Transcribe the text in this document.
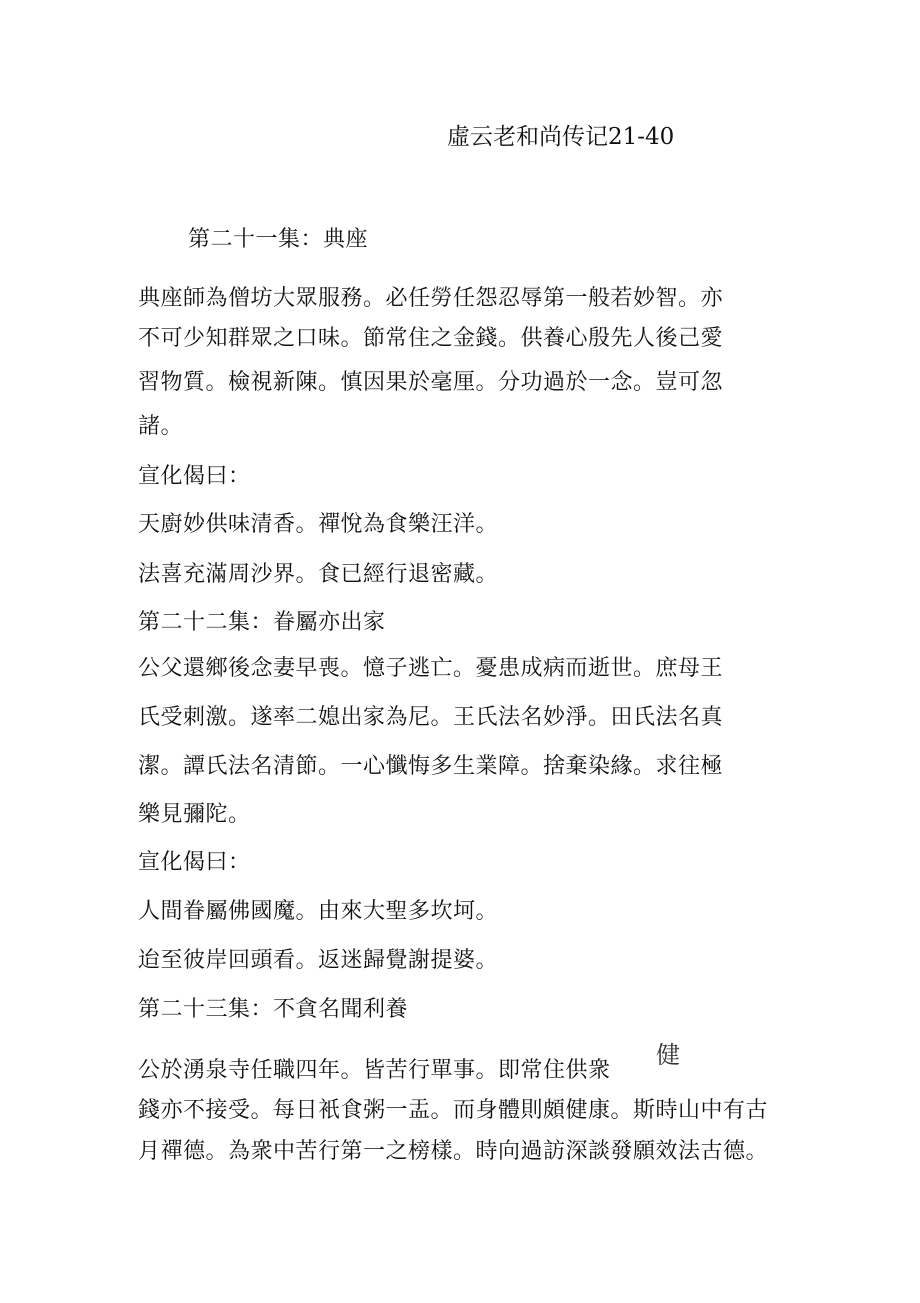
虛云老和尚传记21-40
第二十一集：典座
典座師為僧坊大眾服務。必任勞任怨忍辱第一般若妙智。亦
不可少知群眾之口味。節常住之金錢。供養心殷先人後己愛
習物質。檢視新陳。慎因果於毫厘。分功過於一念。豈可忽
諸。
宣化偈曰：
天廚妙供味清香。禪悅為食樂汪洋。
法喜充滿周沙界。食已經行退密藏。
第二十二集：眷屬亦出家
公父還鄉後念妻早喪。憶子逃亡。憂患成病而逝世。庶母王
氏受刺激。遂率二媳出家為尼。王氏法名妙淨。田氏法名真
潔。譚氏法名清節。一心懺悔多生業障。捨棄染緣。求往極
樂見彌陀。
宣化偈曰：
人間眷屬佛國魔。由來大聖多坎坷。
迨至彼岸回頭看。返迷歸覺謝提婆。
第二十三集：不貪名聞利養
公於湧泉寺任職四年。皆苦行單事。即常住供衆
健
錢亦不接受。每日衹食粥一盂。而身體則頗健康。斯時山中有古
月禪德。為衆中苦行第一之榜樣。時向過訪深談發願效法古德。
